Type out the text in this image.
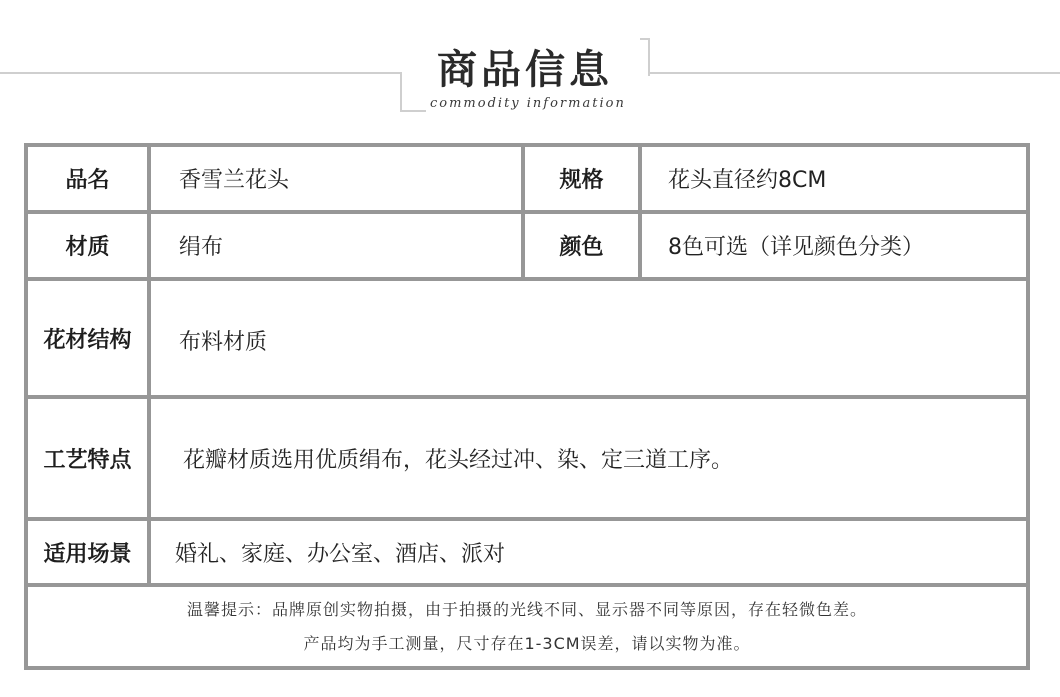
商品信息
commodity information
品名	香雪兰花头	规格	花头直径约8CM
材质	绢布	颜色	8色可选（详见颜色分类）
花材结构	布料材质
工艺特点	花瓣材质选用优质绢布，花头经过冲、染、定三道工序。
适用场景	婚礼、家庭、办公室、酒店、派对
温馨提示：品牌原创实物拍摄，由于拍摄的光线不同、显示器不同等原因，存在轻微色差。
产品均为手工测量，尺寸存在1-3CM误差，请以实物为准。
